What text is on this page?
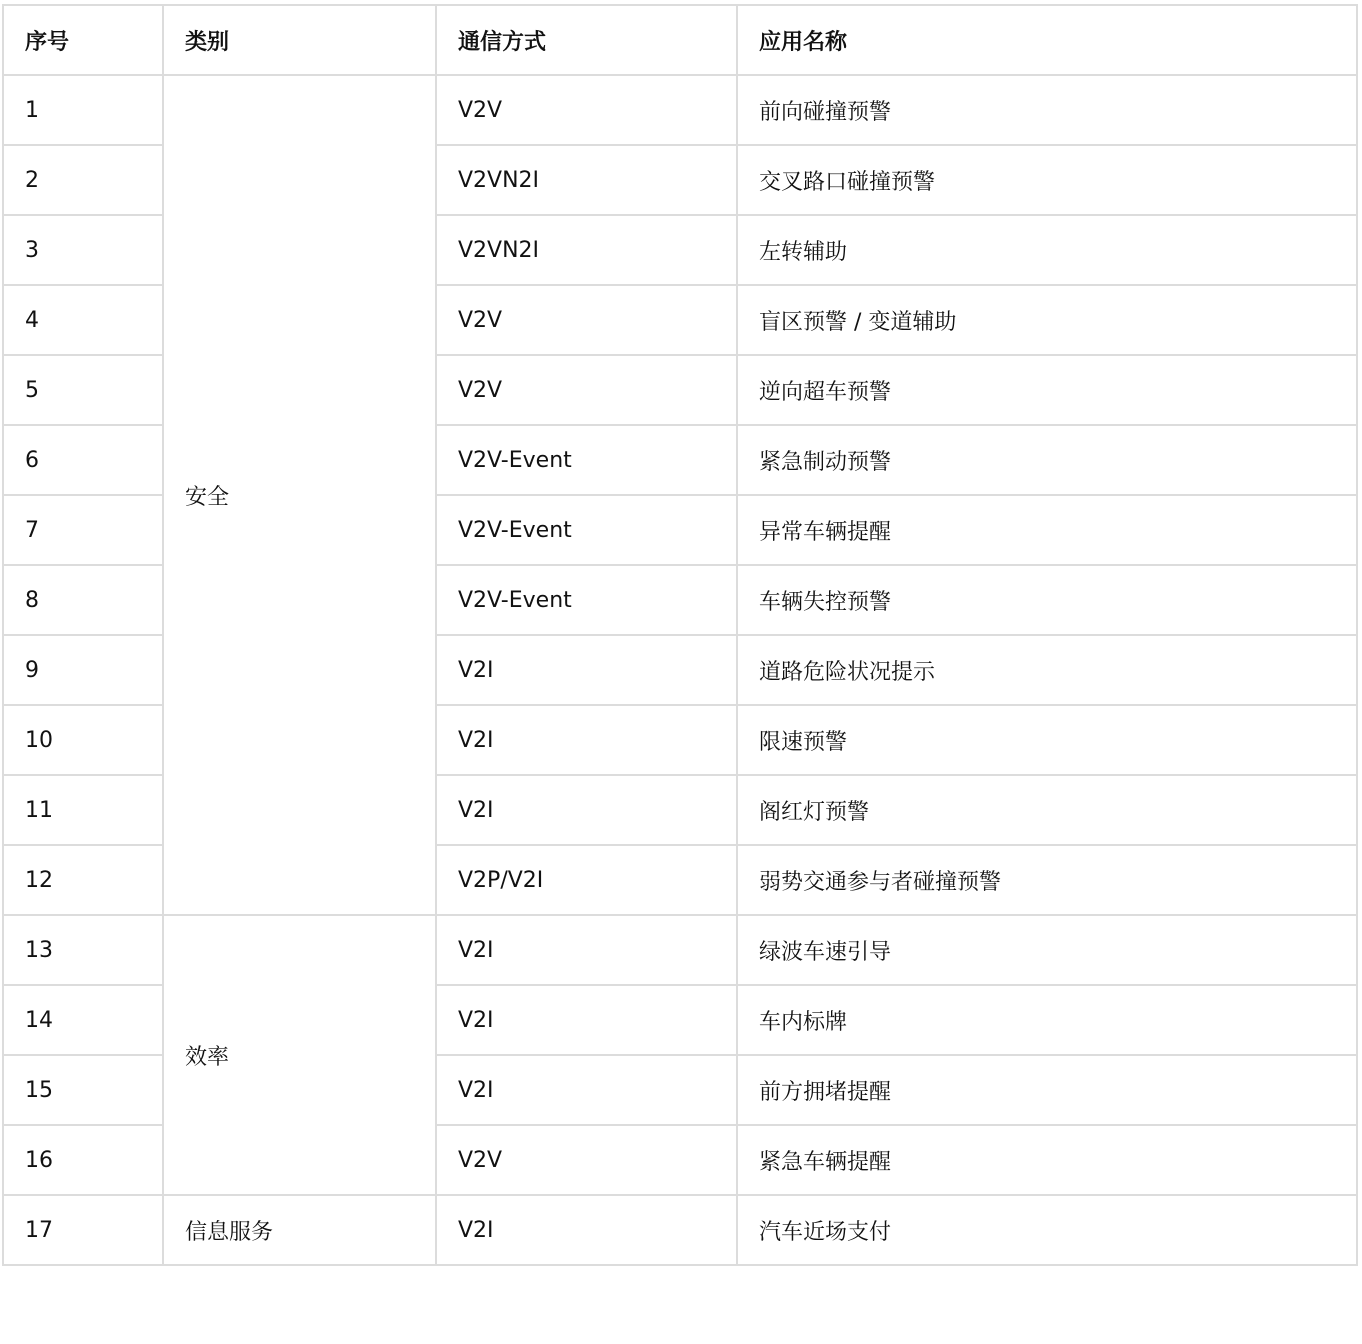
序号	类别	通信方式	应用名称
1	安全	V2V	前向碰撞预警
2		V2VN2I	交叉路口碰撞预警
3		V2VN2I	左转辅助
4		V2V	盲区预警 / 变道辅助
5		V2V	逆向超车预警
6		V2V-Event	紧急制动预警
7		V2V-Event	异常车辆提醒
8		V2V-Event	车辆失控预警
9		V2I	道路危险状况提示
10		V2I	限速预警
11		V2I	阁红灯预警
12		V2P/V2I	弱势交通参与者碰撞预警
13	效率	V2I	绿波车速引导
14		V2I	车内标牌
15		V2I	前方拥堵提醒
16		V2V	紧急车辆提醒
17	信息服务	V2I	汽车近场支付
